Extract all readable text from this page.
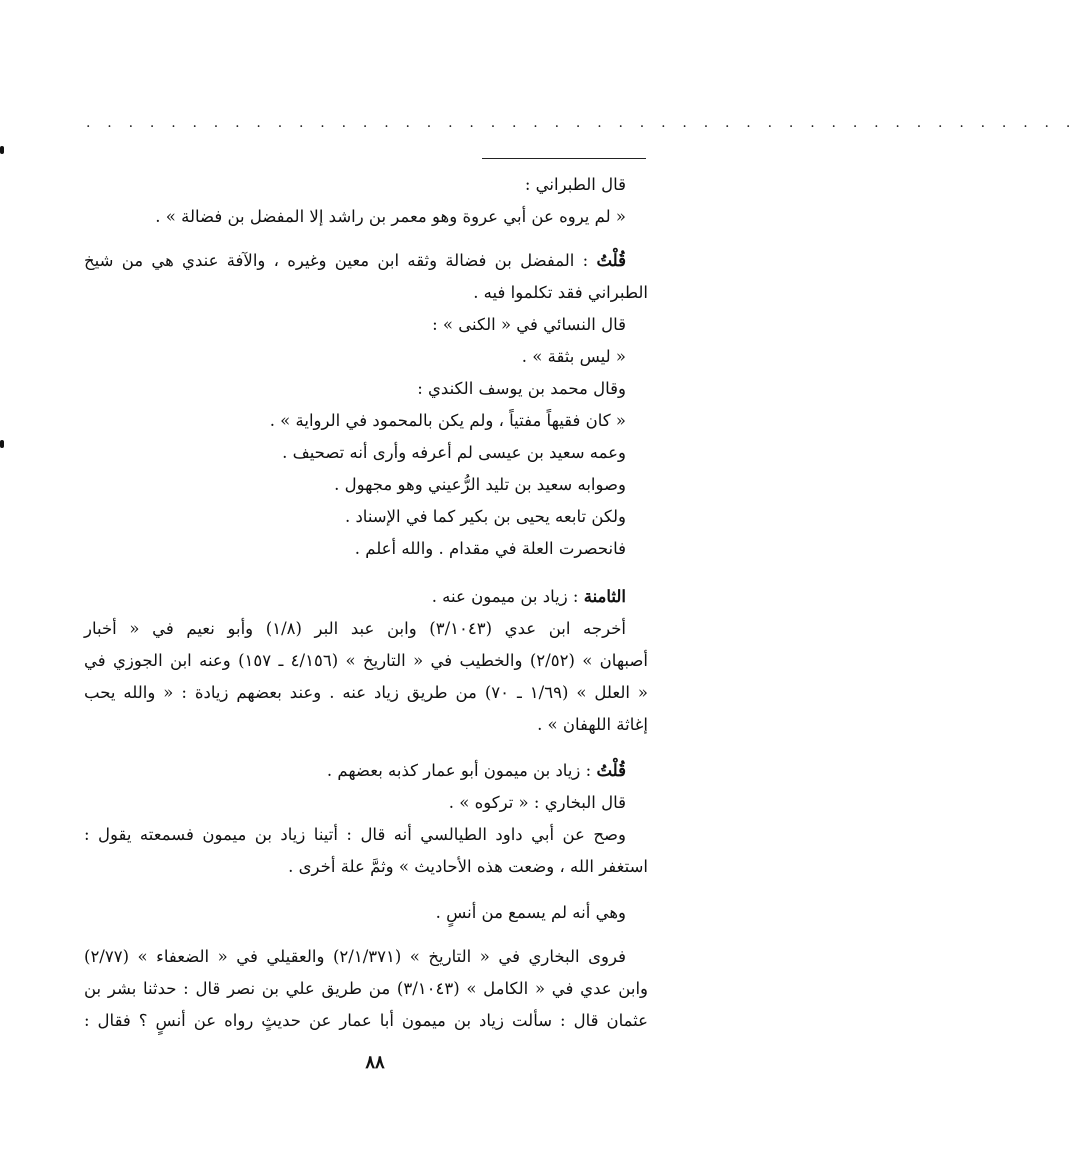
. . . . . . . . . . . . . . . . . . . . . . . . . . . . . . . . . . . . . . . . . . . . . . .
قال الطبراني :
« لم يروه عن أبي عروة وهو معمر بن راشد إلا المفضل بن فضالة » .
قُلْتُ : المفضل بن فضالة وثقه ابن معين وغيره ، والآفة عندي هي من شيخ
الطبراني فقد تكلموا فيه .
قال النسائي في « الكنى » :
« ليس بثقة » .
وقال محمد بن يوسف الكندي :
« كان فقيهاً مفتياً ، ولم يكن بالمحمود في الرواية » .
وعمه سعيد بن عيسى لم أعرفه وأرى أنه تصحيف .
وصوابه سعيد بن تليد الرُّعيني وهو مجهول .
ولكن تابعه يحيى بن بكير كما في الإسناد .
فانحصرت العلة في مقدام . والله أعلم .
الثامنة : زياد بن ميمون عنه .
أخرجه ابن عدي (٣/١٠٤٣) وابن عبد البر (١/٨) وأبو نعيم في « أخبار
أصبهان » (٢/٥٢) والخطيب في « التاريخ » (٤/١٥٦ ـ ١٥٧) وعنه ابن الجوزي في
« العلل » (١/٦٩ ـ ٧٠) من طريق زياد عنه . وعند بعضهم زيادة : « والله يحب
إغاثة اللهفان » .
قُلْتُ : زياد بن ميمون أبو عمار كذبه بعضهم .
قال البخاري : « تركوه » .
وصح عن أبي داود الطيالسي أنه قال : أتينا زياد بن ميمون فسمعته يقول :
استغفر الله ، وضعت هذه الأحاديث » وثمَّ علة أخرى .
وهي أنه لم يسمع من أنسٍ .
فروى البخاري في « التاريخ » (٢/١/٣٧١) والعقيلي في « الضعفاء » (٢/٧٧)
وابن عدي في « الكامل » (٣/١٠٤٣) من طريق علي بن نصر قال : حدثنا بشر بن
عثمان قال : سألت زياد بن ميمون أبا عمار عن حديثٍ رواه عن أنسٍ ؟ فقال :
٨٨
